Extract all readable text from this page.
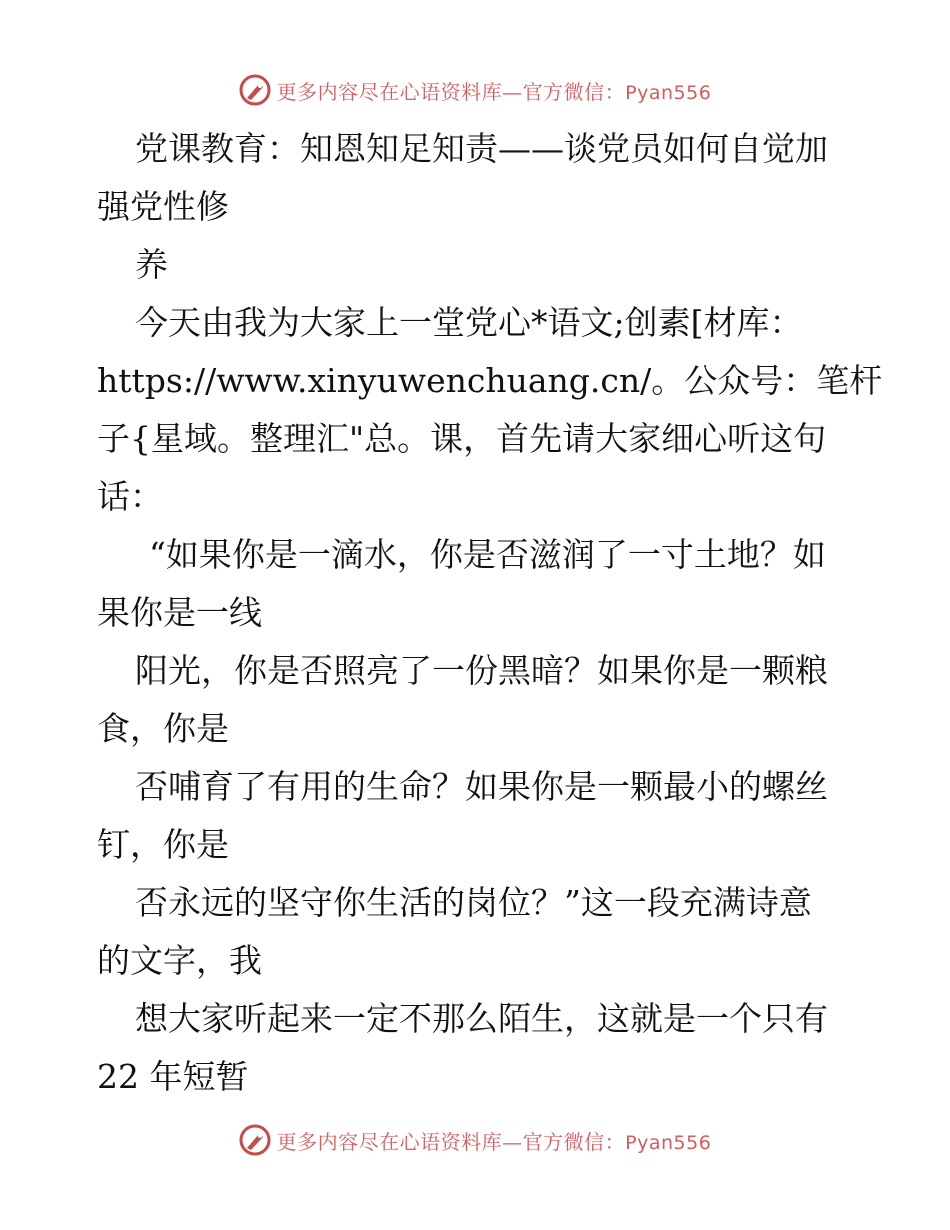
更多内容尽在心语资料库—官方微信：Pyan556
党课教育：知恩知足知责——谈党员如何自觉加
强党性修
养
今天由我为大家上一堂党心*语文;创素[材库：
https://www.xinyuwenchuang.cn/。公众号：笔杆
子{星域。整理汇"总。课，首先请大家细心听这句
话：
“如果你是一滴水，你是否滋润了一寸土地？如
果你是一线
阳光，你是否照亮了一份黑暗？如果你是一颗粮
食，你是
否哺育了有用的生命？如果你是一颗最小的螺丝
钉，你是
否永远的坚守你生活的岗位？”这一段充满诗意
的文字，我
想大家听起来一定不那么陌生，这就是一个只有
22 年短暂
更多内容尽在心语资料库—官方微信：Pyan556
